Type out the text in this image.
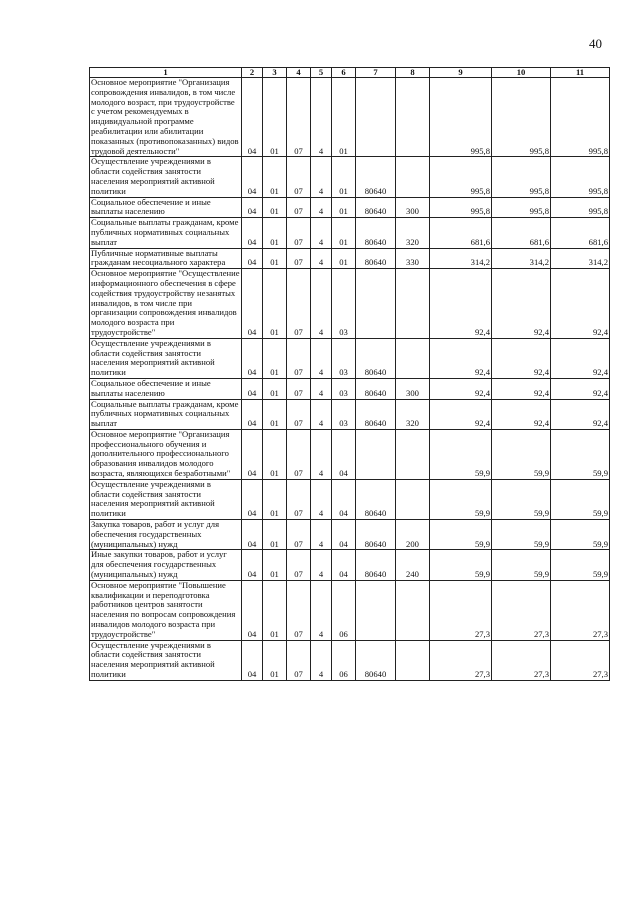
40
1	2	3	4	5	6	7	8	9	10	11
Основное мероприятие "Организация сопровождения инвалидов, в том числе молодого возраст, при трудоустройстве с учетом рекомендуемых в индивидуальной программе реабилитации или абилитации показанных (противопоказанных) видов трудовой деятельности"	04	01	07	4	01			995,8	995,8	995,8
Осуществление учреждениями в области содействия занятости населения мероприятий активной политики	04	01	07	4	01	80640		995,8	995,8	995,8
Социальное обеспечение и иные выплаты населению	04	01	07	4	01	80640	300	995,8	995,8	995,8
Социальные выплаты гражданам, кроме публичных нормативных социальных выплат	04	01	07	4	01	80640	320	681,6	681,6	681,6
Публичные нормативные выплаты гражданам несоциального характера	04	01	07	4	01	80640	330	314,2	314,2	314,2
Основное мероприятие "Осуществление информационного обеспечения в сфере содействия трудоустройству незанятых инвалидов, в том числе при организации сопровождения инвалидов молодого возраста при трудоустройстве"	04	01	07	4	03			92,4	92,4	92,4
Осуществление учреждениями в области содействия занятости населения мероприятий активной политики	04	01	07	4	03	80640		92,4	92,4	92,4
Социальное обеспечение и иные выплаты населению	04	01	07	4	03	80640	300	92,4	92,4	92,4
Социальные выплаты гражданам, кроме публичных нормативных социальных выплат	04	01	07	4	03	80640	320	92,4	92,4	92,4
Основное мероприятие "Организация профессионального обучения и дополнительного профессионального образования инвалидов молодого возраста, являющихся безработными"	04	01	07	4	04			59,9	59,9	59,9
Осуществление учреждениями в области содействия занятости населения мероприятий активной политики	04	01	07	4	04	80640		59,9	59,9	59,9
Закупка товаров, работ и услуг для обеспечения государственных (муниципальных) нужд	04	01	07	4	04	80640	200	59,9	59,9	59,9
Иные закупки товаров, работ и услуг для обеспечения государственных (муниципальных) нужд	04	01	07	4	04	80640	240	59,9	59,9	59,9
Основное мероприятие "Повышение квалификации и переподготовка работников центров занятости населения по вопросам сопровождения инвалидов молодого возраста при трудоустройстве"	04	01	07	4	06			27,3	27,3	27,3
Осуществление учреждениями в области содействия занятости населения мероприятий активной политики	04	01	07	4	06	80640		27,3	27,3	27,3
